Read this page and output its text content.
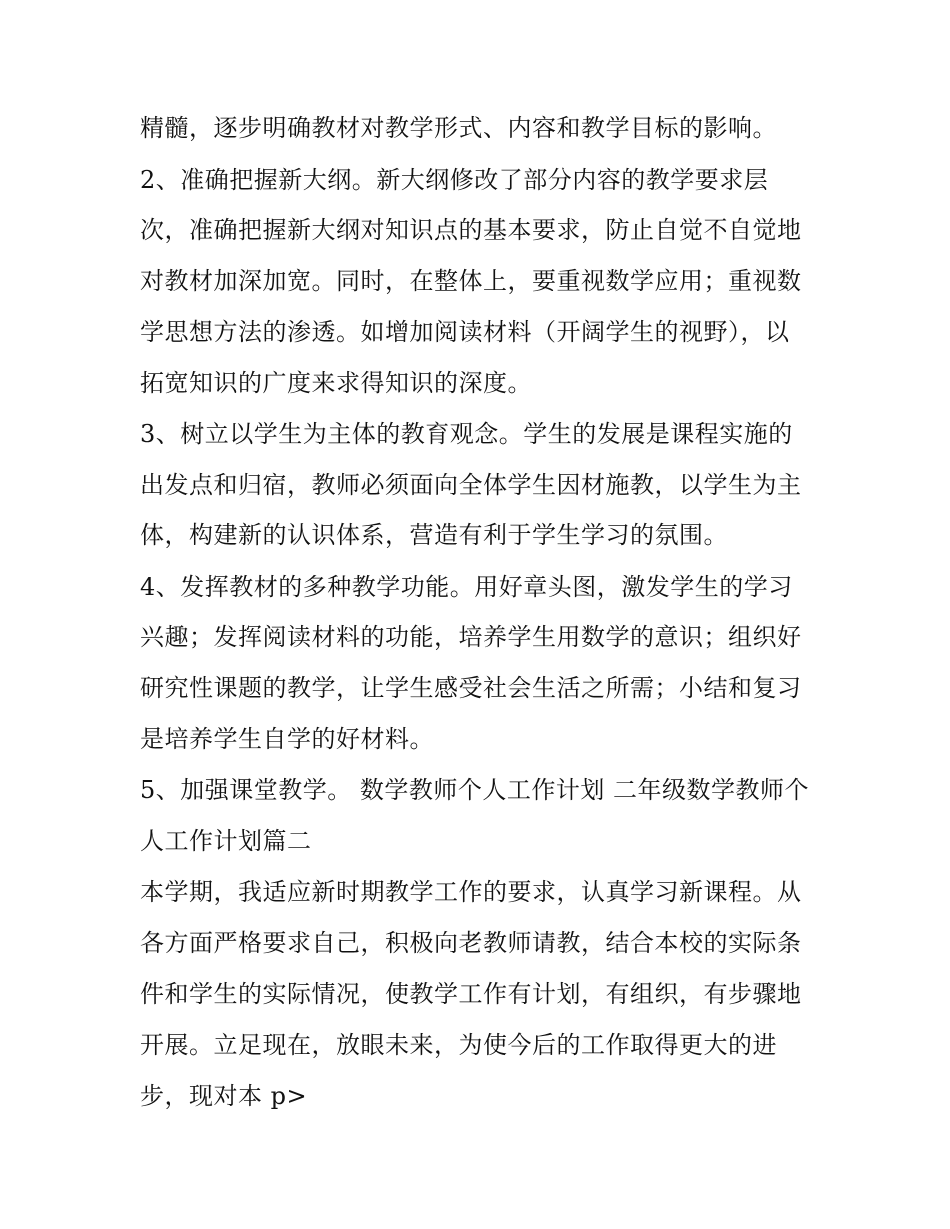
精髓，逐步明确教材对教学形式、内容和教学目标的影响。
2、准确把握新大纲。新大纲修改了部分内容的教学要求层
次，准确把握新大纲对知识点的基本要求，防止自觉不自觉地
对教材加深加宽。同时，在整体上，要重视数学应用；重视数
学思想方法的渗透。如增加阅读材料（开阔学生的视野），以
拓宽知识的广度来求得知识的深度。
3、树立以学生为主体的教育观念。学生的发展是课程实施的
出发点和归宿，教师必须面向全体学生因材施教，以学生为主
体，构建新的认识体系，营造有利于学生学习的氛围。
4、发挥教材的多种教学功能。用好章头图，激发学生的学习
兴趣；发挥阅读材料的功能，培养学生用数学的意识；组织好
研究性课题的教学，让学生感受社会生活之所需；小结和复习
是培养学生自学的好材料。
5、加强课堂教学。 数学教师个人工作计划 二年级数学教师个
人工作计划篇二
本学期，我适应新时期教学工作的要求，认真学习新课程。从
各方面严格要求自己，积极向老教师请教，结合本校的实际条
件和学生的实际情况，使教学工作有计划，有组织，有步骤地
开展。立足现在，放眼未来，为使今后的工作取得更大的进
步，现对本 p>
